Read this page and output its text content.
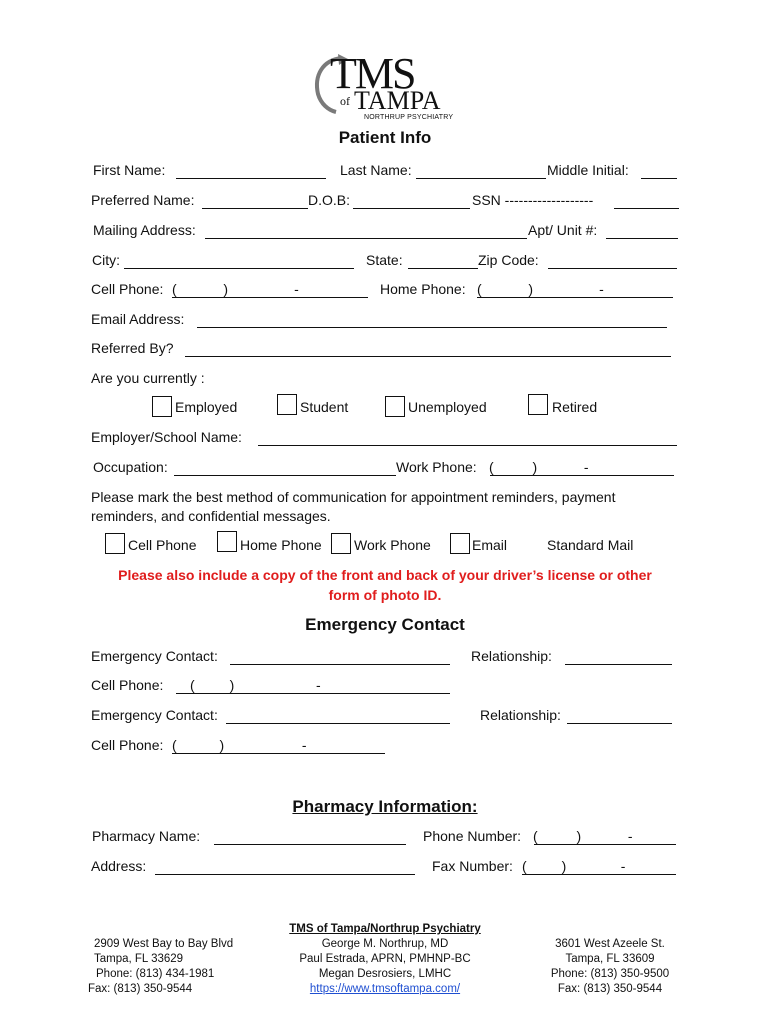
TMS
of TAMPA
NORTHRUP PSYCHIATRY
Patient Info
First Name:	Last Name:	Middle Initial:
Preferred Name:	D.O.B:	SSN -------------------
Mailing Address:	Apt/ Unit #:
City:	State:	Zip Code:
Cell Phone: (            )                 -	Home Phone: (            )                 -
Email Address:
Referred By?
Are you currently :
Employed	Student	Unemployed	Retired
Employer/School Name:
Occupation:	Work Phone: (          )            -
Please mark the best method of communication for appointment reminders, payment
reminders, and confidential messages.
Cell Phone	Home Phone Work Phone	Email	Standard Mail
Please also include a copy of the front and back of your driver’s license or other
form of photo ID.
Emergency Contact
Emergency Contact:	Relationship:
Cell Phone: (         )                     -
Emergency Contact:	Relationship:
Cell Phone: (           )                    -
Pharmacy Information:
Pharmacy Name:	Phone Number: (          )            -
Address:	Fax Number: (         )              -
2909 West Bay to Bay Blvd
Tampa, FL 33629
Phone: (813) 434-1981
Fax: (813) 350-9544
TMS of Tampa/Northrup Psychiatry
George M. Northrup, MD
Paul Estrada, APRN, PMHNP-BC
Megan Desrosiers, LMHC
https://www.tmsoftampa.com/
3601 West Azeele St.
Tampa, FL 33609
Phone: (813) 350-9500
Fax: (813) 350-9544
